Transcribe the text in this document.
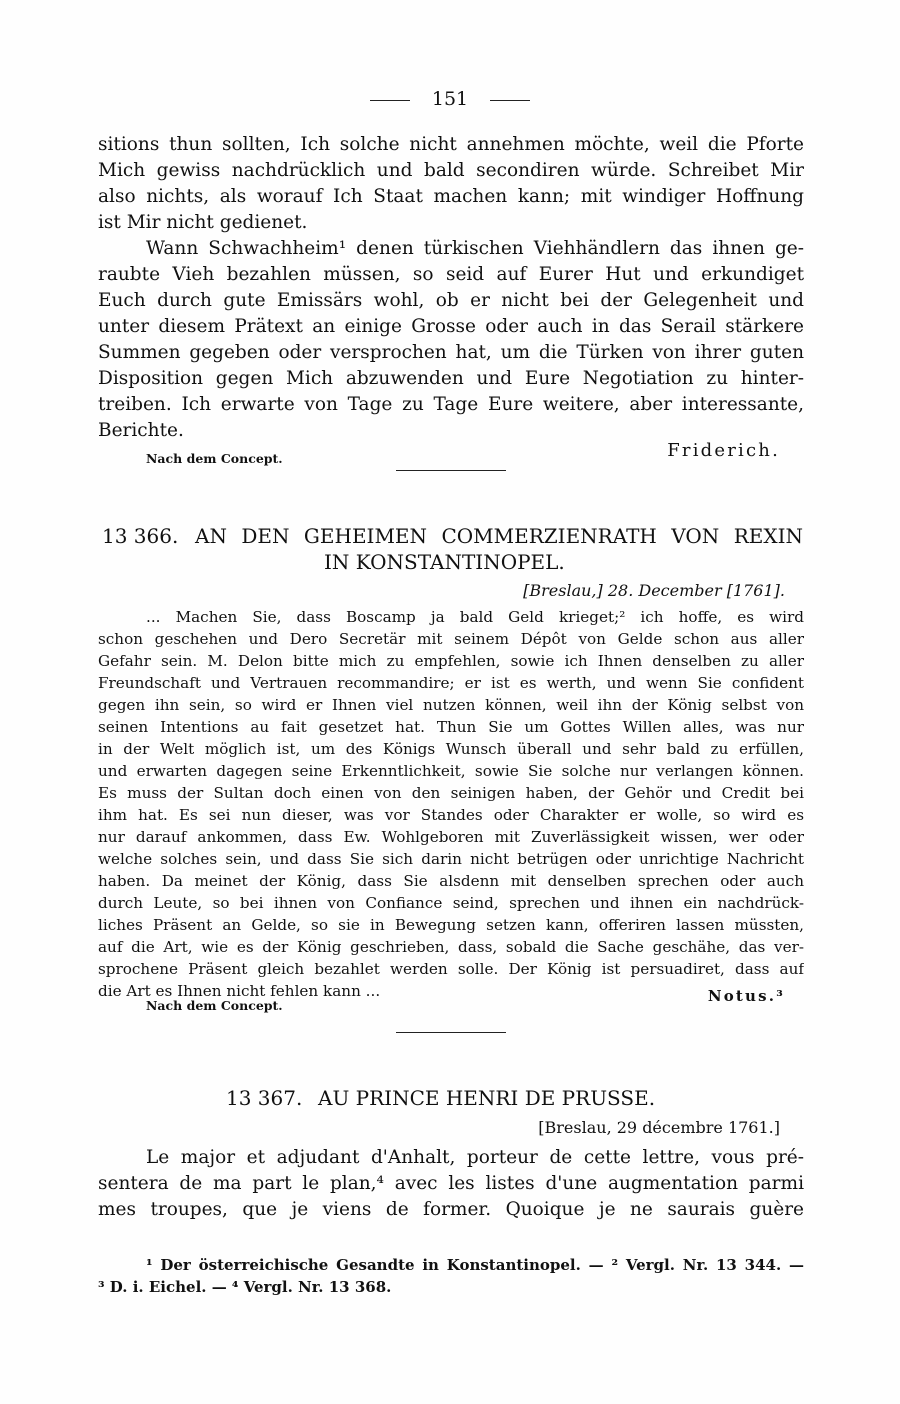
151
sitions thun sollten, Ich solche nicht annehmen möchte, weil die Pforte
Mich gewiss nachdrücklich und bald secondiren würde. Schreibet Mir
also nichts, als worauf Ich Staat machen kann; mit windiger Hoffnung
ist Mir nicht gedienet.
Wann Schwachheim¹ denen türkischen Viehhändlern das ihnen ge-
raubte Vieh bezahlen müssen, so seid auf Eurer Hut und erkundiget
Euch durch gute Emissärs wohl, ob er nicht bei der Gelegenheit und
unter diesem Prätext an einige Grosse oder auch in das Serail stärkere
Summen gegeben oder versprochen hat, um die Türken von ihrer guten
Disposition gegen Mich abzuwenden und Eure Negotiation zu hinter-
treiben. Ich erwarte von Tage zu Tage Eure weitere, aber interessante,
Berichte.
Nach dem Concept.	Friderich.
13 366. AN DEN GEHEIMEN COMMERZIENRATH VON REXIN
IN KONSTANTINOPEL.
[Breslau,] 28. December [1761].
... Machen Sie, dass Boscamp ja bald Geld krieget;² ich hoffe, es wird
schon geschehen und Dero Secretär mit seinem Dépôt von Gelde schon aus aller
Gefahr sein. M. Delon bitte mich zu empfehlen, sowie ich Ihnen denselben zu aller
Freundschaft und Vertrauen recommandire; er ist es werth, und wenn Sie confident
gegen ihn sein, so wird er Ihnen viel nutzen können, weil ihn der König selbst von
seinen Intentions au fait gesetzet hat. Thun Sie um Gottes Willen alles, was nur
in der Welt möglich ist, um des Königs Wunsch überall und sehr bald zu erfüllen,
und erwarten dagegen seine Erkenntlichkeit, sowie Sie solche nur verlangen können.
Es muss der Sultan doch einen von den seinigen haben, der Gehör und Credit bei
ihm hat. Es sei nun dieser, was vor Standes oder Charakter er wolle, so wird es
nur darauf ankommen, dass Ew. Wohlgeboren mit Zuverlässigkeit wissen, wer oder
welche solches sein, und dass Sie sich darin nicht betrügen oder unrichtige Nachricht
haben. Da meinet der König, dass Sie alsdenn mit denselben sprechen oder auch
durch Leute, so bei ihnen von Confiance seind, sprechen und ihnen ein nachdrück-
liches Präsent an Gelde, so sie in Bewegung setzen kann, offeriren lassen müssten,
auf die Art, wie es der König geschrieben, dass, sobald die Sache geschähe, das ver-
sprochene Präsent gleich bezahlet werden solle. Der König ist persuadiret, dass auf
die Art es Ihnen nicht fehlen kann ...
Nach dem Concept.
Notus.³
13 367. AU PRINCE HENRI DE PRUSSE.
[Breslau, 29 décembre 1761.]
Le major et adjudant d'Anhalt, porteur de cette lettre, vous pré-
sentera de ma part le plan,⁴ avec les listes d'une augmentation parmi
mes troupes, que je viens de former. Quoique je ne saurais guère
¹ Der österreichische Gesandte in Konstantinopel. — ² Vergl. Nr. 13 344. —
³ D. i. Eichel. — ⁴ Vergl. Nr. 13 368.
